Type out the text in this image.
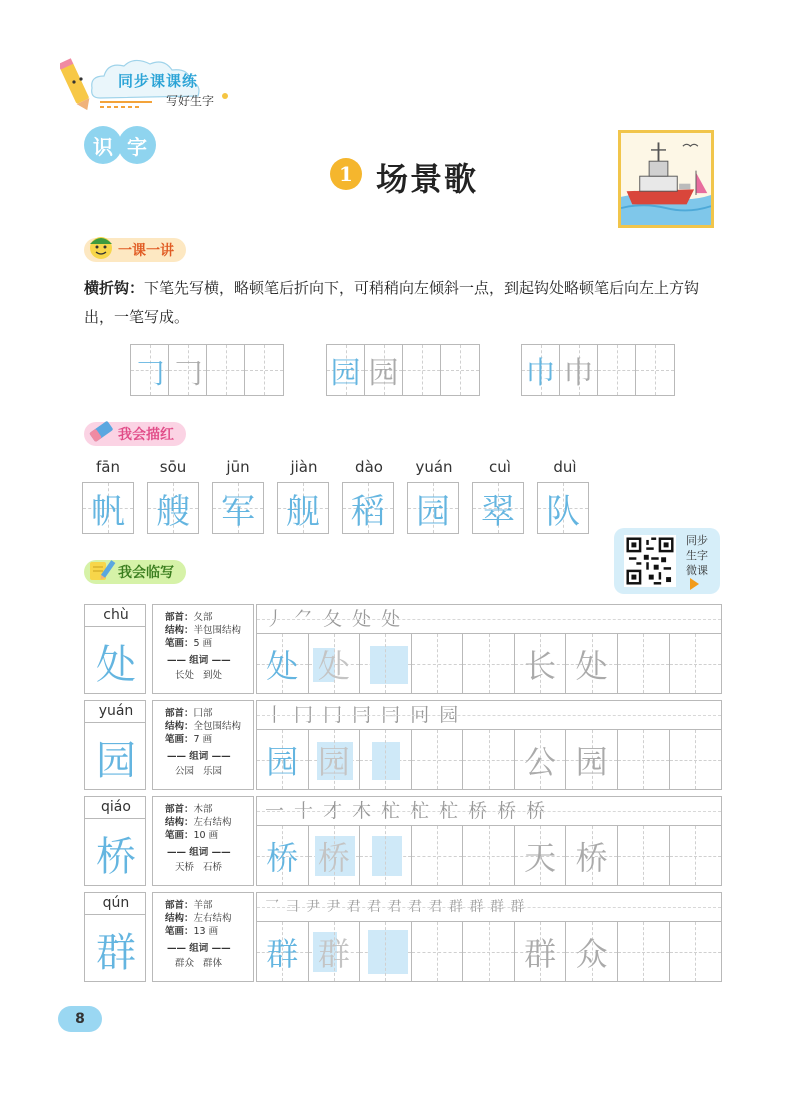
同步课课练
写好生字
识 字
1 场景歌
一课一讲
横折钩：下笔先写横，略顿笔后折向下，可稍稍向左倾斜一点，到起钩处略顿笔后向左上方钩出，一笔写成。
𠃌 𠃌	园 园	巾 巾
我会描红
fān	sōu	jūn	jiàn	dào	yuán	cuì	duì
帆 艘 军 舰 稻 园 翠 队
同步
生字
微课
我会临写
chù
处
部首：夂部
结构：半包围结构
笔画：5 画
—— 组词 ——
长处 到处
丿 ⺈ 夂 处 处
处 处	长 处
yuán
园
部首：囗部
结构：全包围结构
笔画：7 画
—— 组词 ——
公园 乐园
丨 冂 冂 冃 冃 冋 园
园 园	公 园
qiáo
桥
部首：木部
结构：左右结构
笔画：10 画
—— 组词 ——
天桥 石桥
一 十 才 木 杧 杧 杧 桥 桥 桥
桥 桥	天 桥
qún
群
部首：羊部
结构：左右结构
笔画：13 画
—— 组词 ——
群众 群体
乛 ⺕ 尹 尹 君 君 君 君 君 群 群 群 群
群 群	群 众
8
